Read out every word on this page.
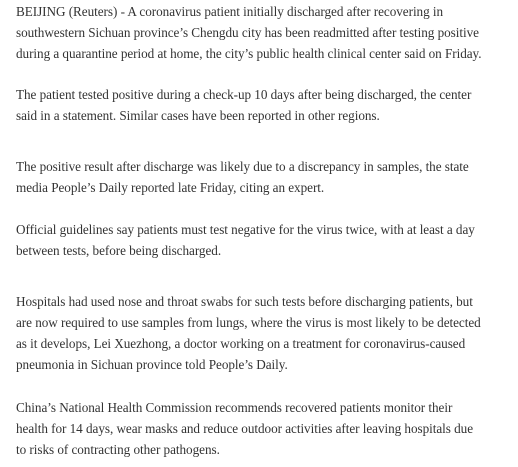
BEIJING (Reuters) - A coronavirus patient initially discharged after recovering in
southwestern Sichuan province’s Chengdu city has been readmitted after testing positive
during a quarantine period at home, the city’s public health clinical center said on Friday.

The patient tested positive during a check-up 10 days after being discharged, the center
said in a statement. Similar cases have been reported in other regions.

The positive result after discharge was likely due to a discrepancy in samples, the state
media People’s Daily reported late Friday, citing an expert.

Official guidelines say patients must test negative for the virus twice, with at least a day
between tests, before being discharged.

Hospitals had used nose and throat swabs for such tests before discharging patients, but
are now required to use samples from lungs, where the virus is most likely to be detected
as it develops, Lei Xuezhong, a doctor working on a treatment for coronavirus-caused
pneumonia in Sichuan province told People’s Daily.

China’s National Health Commission recommends recovered patients monitor their
health for 14 days, wear masks and reduce outdoor activities after leaving hospitals due
to risks of contracting other pathogens.
